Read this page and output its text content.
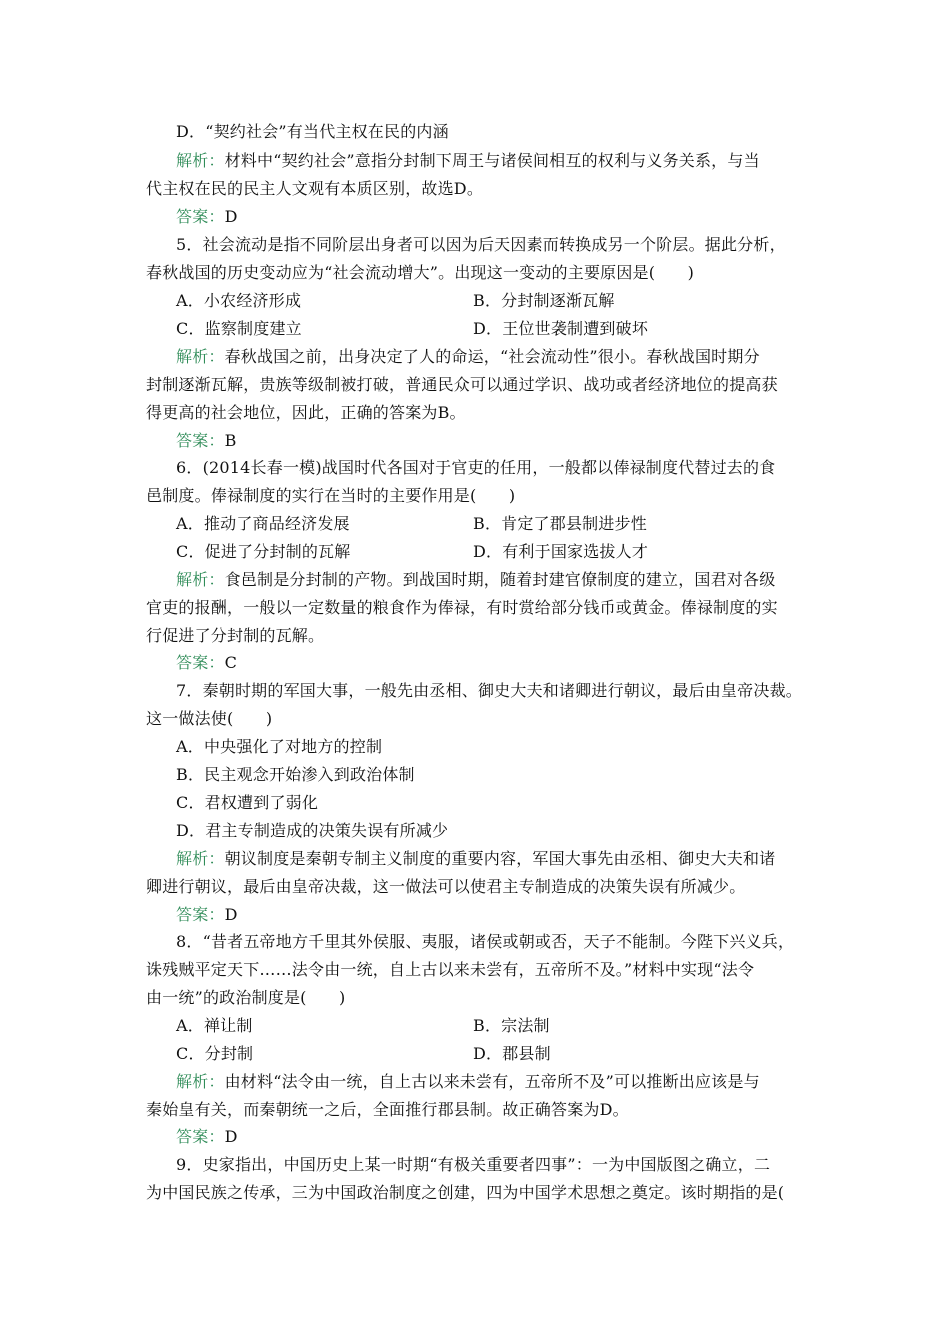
D．“契约社会”有当代主权在民的内涵
解析：材料中“契约社会”意指分封制下周王与诸侯间相互的权利与义务关系，与当
代主权在民的民主人文观有本质区别，故选D。
答案：D
5．社会流动是指不同阶层出身者可以因为后天因素而转换成另一个阶层。据此分析，
春秋战国的历史变动应为“社会流动增大”。出现这一变动的主要原因是(　　)
A．小农经济形成	B．分封制逐渐瓦解
C．监察制度建立	D．王位世袭制遭到破坏
解析：春秋战国之前，出身决定了人的命运，“社会流动性”很小。春秋战国时期分
封制逐渐瓦解，贵族等级制被打破，普通民众可以通过学识、战功或者经济地位的提高获
得更高的社会地位，因此，正确的答案为B。
答案：B
6．(2014长春一模)战国时代各国对于官吏的任用，一般都以俸禄制度代替过去的食
邑制度。俸禄制度的实行在当时的主要作用是(　　)
A．推动了商品经济发展	B．肯定了郡县制进步性
C．促进了分封制的瓦解	D．有利于国家选拔人才
解析：食邑制是分封制的产物。到战国时期，随着封建官僚制度的建立，国君对各级
官吏的报酬，一般以一定数量的粮食作为俸禄，有时赏给部分钱币或黄金。俸禄制度的实
行促进了分封制的瓦解。
答案：C
7．秦朝时期的军国大事，一般先由丞相、御史大夫和诸卿进行朝议，最后由皇帝决裁。
这一做法使(　　)
A．中央强化了对地方的控制
B．民主观念开始渗入到政治体制
C．君权遭到了弱化
D．君主专制造成的决策失误有所减少
解析：朝议制度是秦朝专制主义制度的重要内容，军国大事先由丞相、御史大夫和诸
卿进行朝议，最后由皇帝决裁，这一做法可以使君主专制造成的决策失误有所减少。
答案：D
8．“昔者五帝地方千里其外侯服、夷服，诸侯或朝或否，天子不能制。今陛下兴义兵，
诛残贼平定天下……法令由一统，自上古以来未尝有，五帝所不及。”材料中实现“法令
由一统”的政治制度是(　　)
A．禅让制	B．宗法制
C．分封制	D．郡县制
解析：由材料“法令由一统，自上古以来未尝有，五帝所不及”可以推断出应该是与
秦始皇有关，而秦朝统一之后，全面推行郡县制。故正确答案为D。
答案：D
9．史家指出，中国历史上某一时期“有极关重要者四事”：一为中国版图之确立，二
为中国民族之传承，三为中国政治制度之创建，四为中国学术思想之奠定。该时期指的是(
